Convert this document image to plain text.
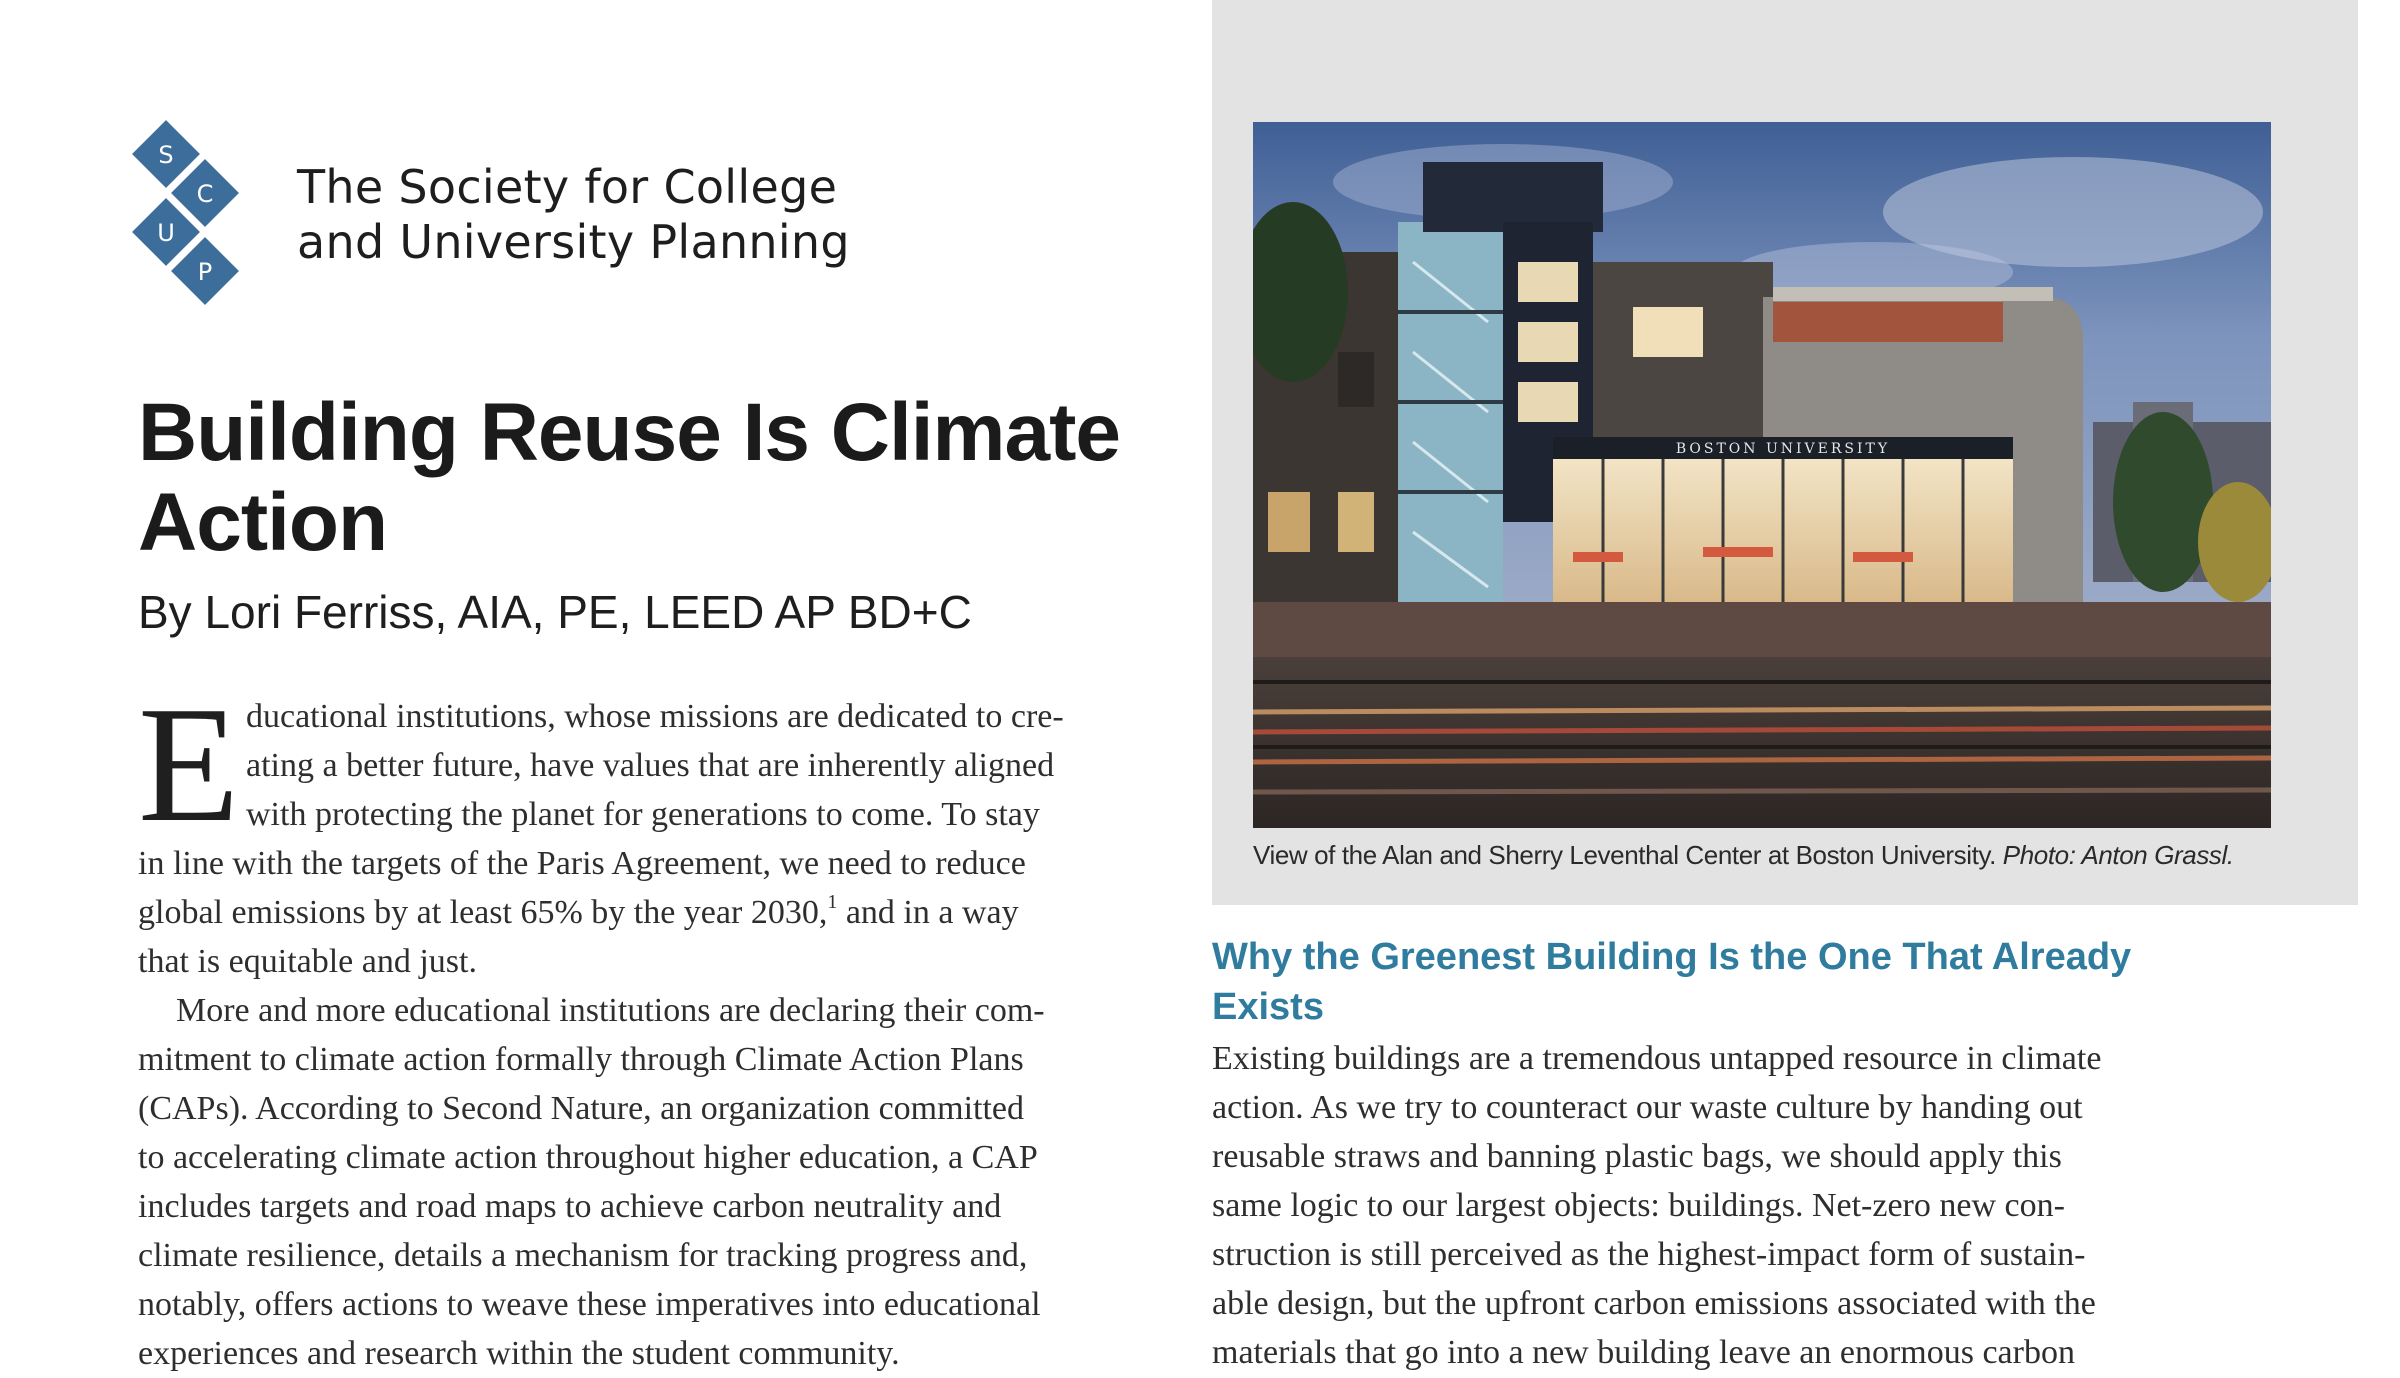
S
C
U
P
The Society for College
and University Planning
Building Reuse Is Climate
Action
By Lori Ferriss, AIA, PE, LEED AP BD+C
E ducational institutions, whose missions are dedicated to cre-
ating a better future, have values that are inherently aligned
with protecting the planet for generations to come. To stay
in line with the targets of the Paris Agreement, we need to reduce
global emissions by at least 65% by the year 2030,$^1$ and in a way
that is equitable and just.
More and more educational institutions are declaring their com-
mitment to climate action formally through Climate Action Plans
(CAPs). According to Second Nature, an organization committed
to accelerating climate action throughout higher education, a CAP
includes targets and road maps to achieve carbon neutrality and
climate resilience, details a mechanism for tracking progress and,
notably, offers actions to weave these imperatives into educational
experiences and research within the student community.
BOSTON UNIVERSITY
View of the Alan and Sherry Leventhal Center at Boston University. Photo: Anton Grassl.
Why the Greenest Building Is the One That Already
Exists
Existing buildings are a tremendous untapped resource in climate
action. As we try to counteract our waste culture by handing out
reusable straws and banning plastic bags, we should apply this
same logic to our largest objects: buildings. Net-zero new con-
struction is still perceived as the highest-impact form of sustain-
able design, but the upfront carbon emissions associated with the
materials that go into a new building leave an enormous carbon
